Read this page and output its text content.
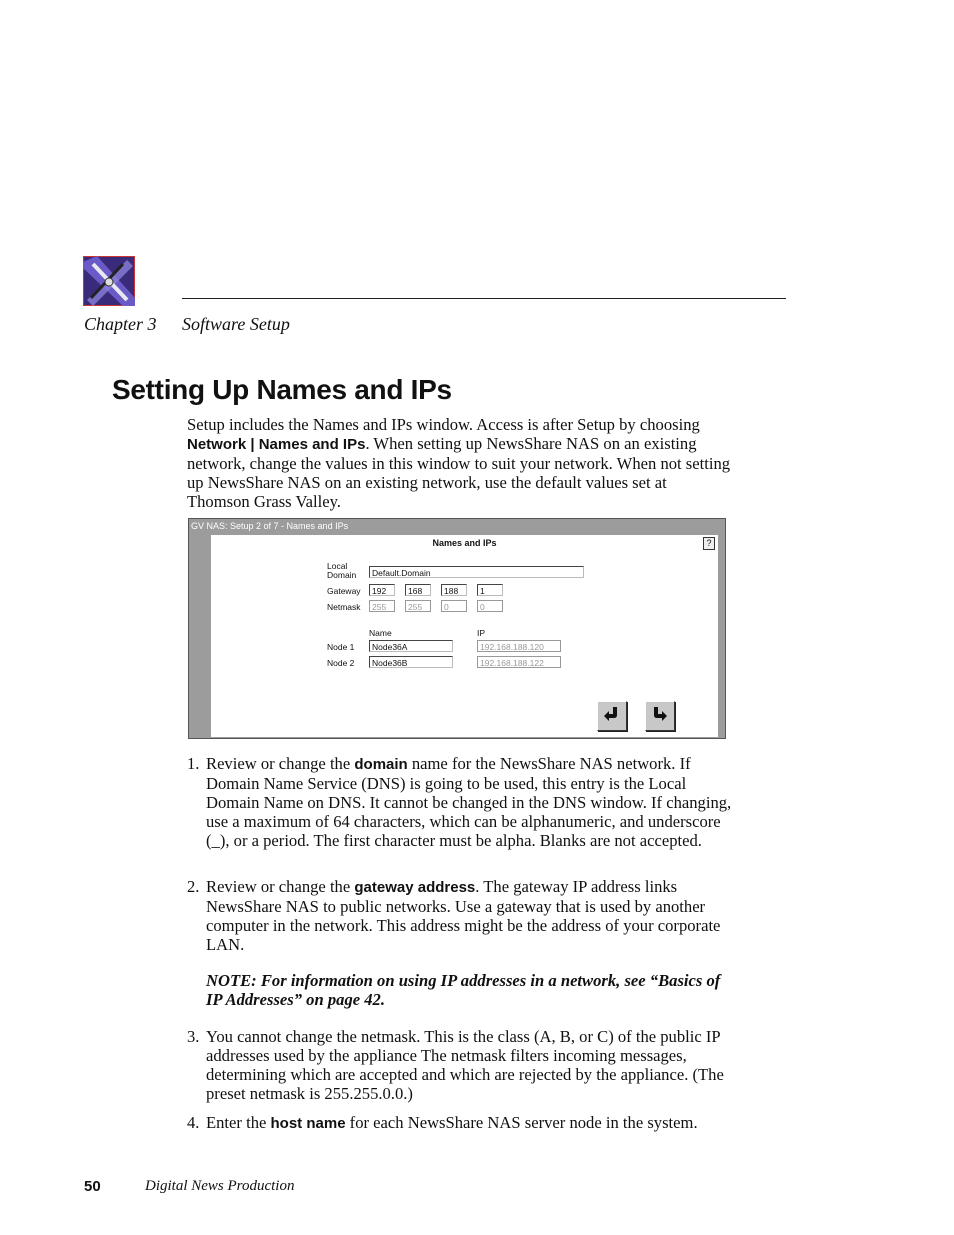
Chapter 3 Software Setup
Setting Up Names and IPs
Setup includes the Names and IPs window. Access is after Setup by choosing Network | Names and IPs. When setting up NewsShare NAS on an existing network, change the values in this window to suit your network. When not setting up NewsShare NAS on an existing network, use the default values set at Thomson Grass Valley.
GV NAS: Setup 2 of 7 - Names and IPs
Names and IPs	?
Local
Domain	Default.Domain
Gateway	192	168	188	1
Netmask	255	255	0	0
Name	IP
Node 1	Node36A	192.168.188.120
Node 2	Node36B	192.168.188.122
1. Review or change the domain name for the NewsShare NAS network. If Domain Name Service (DNS) is going to be used, this entry is the Local Domain Name on DNS. It cannot be changed in the DNS window. If changing, use a maximum of 64 characters, which can be alphanumeric, and underscore (_), or a period. The first character must be alpha. Blanks are not accepted.
2. Review or change the gateway address. The gateway IP address links NewsShare NAS to public networks. Use a gateway that is used by another computer in the network. This address might be the address of your corporate LAN.
NOTE: For information on using IP addresses in a network, see “Basics of IP Addresses” on page 42.
3. You cannot change the netmask. This is the class (A, B, or C) of the public IP addresses used by the appliance The netmask filters incoming messages, determining which are accepted and which are rejected by the appliance. (The preset netmask is 255.255.0.0.)
4. Enter the host name for each NewsShare NAS server node in the system.
50	Digital News Production
